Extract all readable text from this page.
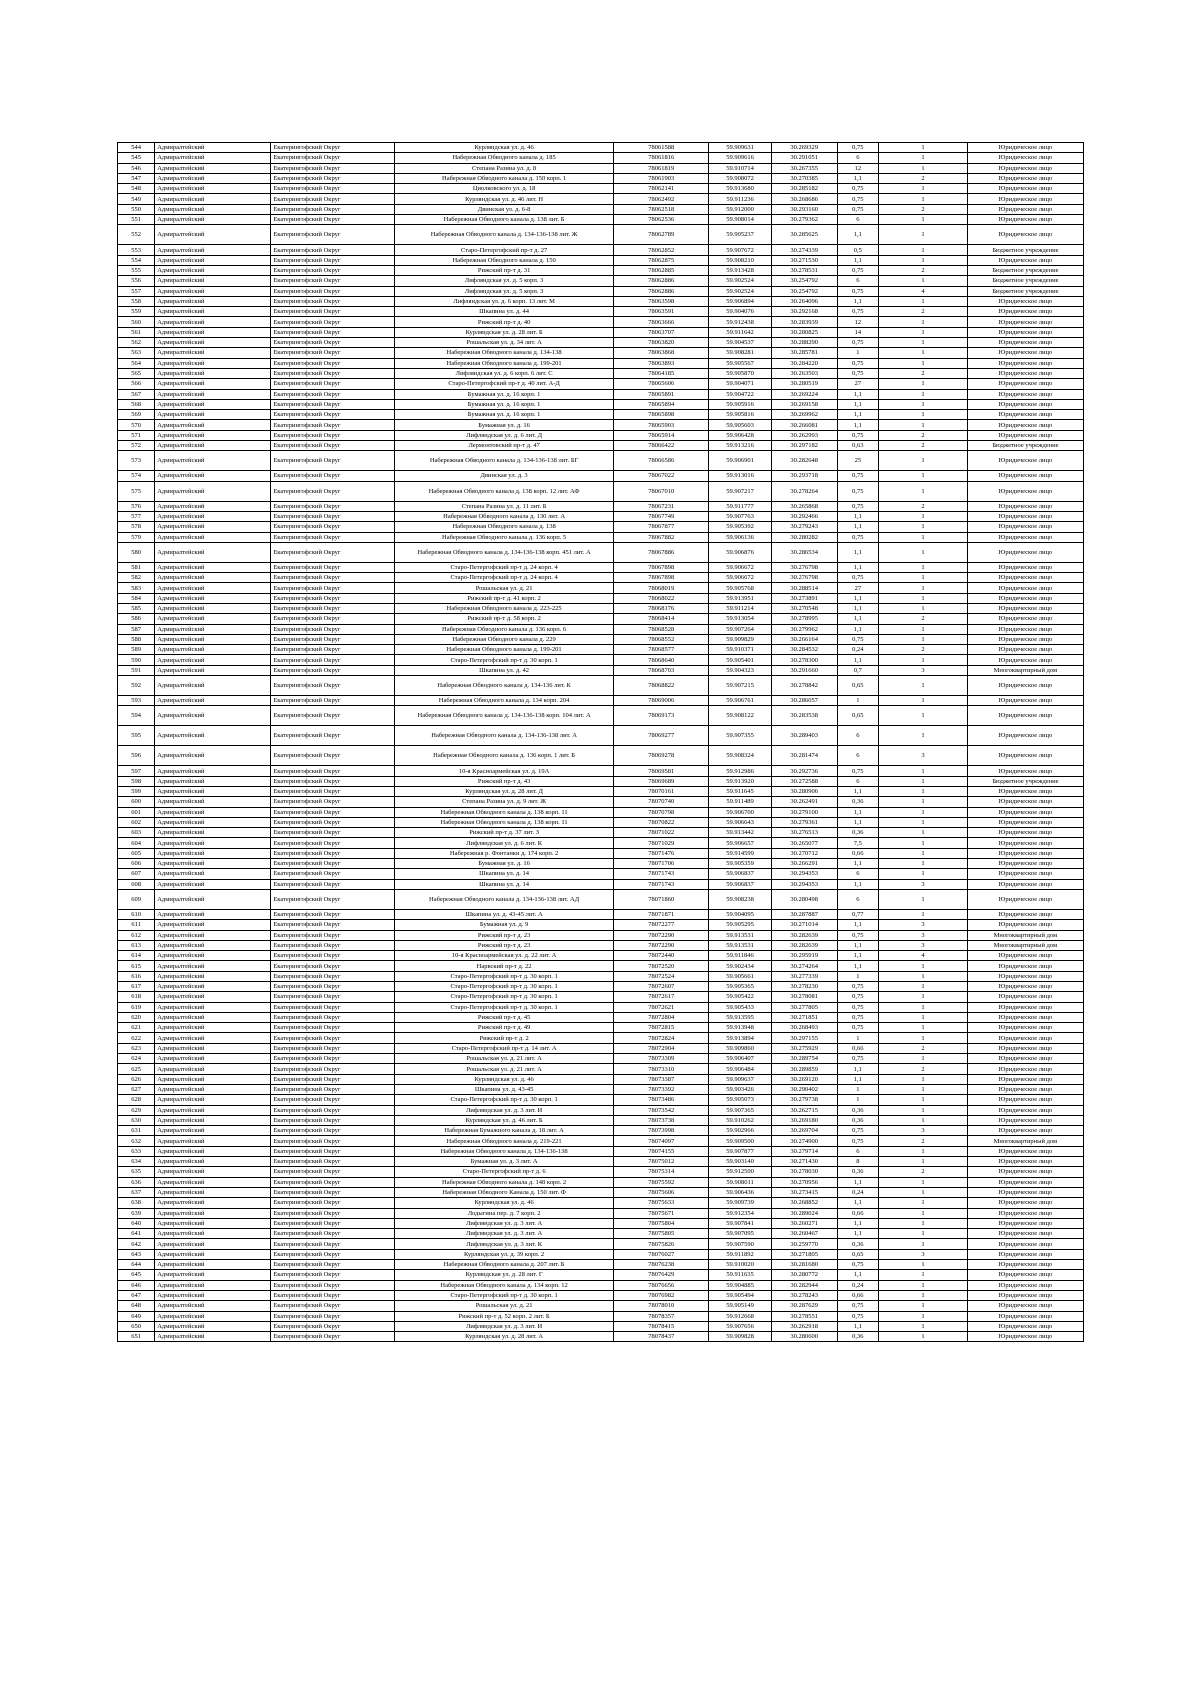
544	Адмиралтейский	Екатерингофский Округ	Курляндская ул. д. 46	78061588	59.909631	30.269329	0,75	1	Юридическое лицо
545	Адмиралтейский	Екатерингофский Округ	Набережная Обводного канала д. 185	78061816	59.909616	30.291051	6	1	Юридическое лицо
546	Адмиралтейский	Екатерингофский Округ	Степана Разина ул. д. 8	78061819	59.910714	30.267355	12	1	Юридическое лицо
547	Адмиралтейский	Екатерингофский Округ	Набережная Обводного канала д. 150 корп. 1	78061903	59.908072	30.270385	1,1	2	Юридическое лицо
548	Адмиралтейский	Екатерингофский Округ	Циолковского ул. д. 18	78062141	59.913680	30.285182	0,75	1	Юридическое лицо
549	Адмиралтейский	Екатерингофский Округ	Курляндская ул. д. 46 лит. Н	78062492	59.911236	30.268686	0,75	1	Юридическое лицо
550	Адмиралтейский	Екатерингофский Округ	Двинская ул. д. 6-8	78062518	59.912000	30.293160	0,75	2	Юридическое лицо
551	Адмиралтейский	Екатерингофский Округ	Набережная Обводного канала д. 138 лит. Б	78062536	59.908014	30.279362	6	1	Юридическое лицо
552	Адмиралтейский	Екатерингофский Округ	Набережная Обводного канала д. 134-136-138 лит. Ж	78062789	59.905237	30.285625	1,1	1	Юридическое лицо
553	Адмиралтейский	Екатерингофский Округ	Старо-Петергофский пр-т д. 27	78062852	59.907672	30.274339	0,5	1	Бюджетное учреждение
554	Адмиралтейский	Екатерингофский Округ	Набережная Обводного канала д. 150	78062875	59.908210	30.271530	1,1	1	Юридическое лицо
555	Адмиралтейский	Екатерингофский Округ	Рижский пр-т д. 31	78062885	59.913428	30.278531	0,75	2	Бюджетное учреждение
556	Адмиралтейский	Екатерингофский Округ	Лифляндская ул. д. 5 корп. 3	78062886	59.902524	30.254792	6	1	Бюджетное учреждение
557	Адмиралтейский	Екатерингофский Округ	Лифляндская ул. д. 5 корп. 3	78062886	59.902524	30.254792	0,75	4	Бюджетное учреждение
558	Адмиралтейский	Екатерингофский Округ	Лифляндская ул. д. 6 корп. 13 лит. М	78063598	59.906894	30.264096	1,1	1	Юридическое лицо
559	Адмиралтейский	Екатерингофский Округ	Шкапина ул. д. 44	78063591	59.904076	30.292168	0,75	2	Юридическое лицо
560	Адмиралтейский	Екатерингофский Округ	Рижский пр-т д. 40	78063666	59.912438	30.283939	12	1	Юридическое лицо
561	Адмиралтейский	Екатерингофский Округ	Курляндская ул. д. 28 лит. Б	78063707	59.911642	30.280825	14	1	Юридическое лицо
562	Адмиралтейский	Екатерингофский Округ	Рошальская ул. д. 34 лит. А	78063820	59.904537	30.288290	0,75	1	Юридическое лицо
563	Адмиралтейский	Екатерингофский Округ	Набережная Обводного канала д. 134-138	78063868	59.908281	30.285781	1	1	Юридическое лицо
564	Адмиралтейский	Екатерингофский Округ	Набережная Обводного канала д. 199-201	78063893	59.905567	30.284220	0,75	1	Юридическое лицо
565	Адмиралтейский	Екатерингофский Округ	Лифляндская ул. д. 6 корп. 6 лит. С	78064185	59.905870	30.263503	0,75	2	Юридическое лицо
566	Адмиралтейский	Екатерингофский Округ	Старо-Петергофский пр-т д. 40 лит. А-Д	78065606	59.904071	30.280519	27	1	Юридическое лицо
567	Адмиралтейский	Екатерингофский Округ	Бумажная ул. д. 16 корп. 1	78065891	59.904722	30.269224	1,1	1	Юридическое лицо
568	Адмиралтейский	Екатерингофский Округ	Бумажная ул. д. 16 корп. 1	78065894	59.905916	30.269158	1,1	1	Юридическое лицо
569	Адмиралтейский	Екатерингофский Округ	Бумажная ул. д. 16 корп. 1	78065898	59.905816	30.269962	1,1	1	Юридическое лицо
570	Адмиралтейский	Екатерингофский Округ	Бумажная ул. д. 16	78065903	59.905603	30.266081	1,1	1	Юридическое лицо
571	Адмиралтейский	Екатерингофский Округ	Лифляндская ул. д. 6 лит. Д	78065914	59.906428	30.262993	0,75	2	Юридическое лицо
572	Адмиралтейский	Екатерингофский Округ	Лермонтовский пр-т д. 47	78066422	59.913216	30.297182	0,63	2	Бюджетное учреждение
573	Адмиралтейский	Екатерингофский Округ	Набережная Обводного канала д. 134-136-138 лит. БГ	78066586	59.906901	30.282648	25	1	Юридическое лицо
574	Адмиралтейский	Екатерингофский Округ	Двинская ул. д. 3	78067022	59.913016	30.293718	0,75	1	Юридическое лицо
575	Адмиралтейский	Екатерингофский Округ	Набережная Обводного канала д. 138 корп. 12 лит. АФ	78067010	59.907217	30.278264	0,75	1	Юридическое лицо
576	Адмиралтейский	Екатерингофский Округ	Степана Разина ул. д. 11 лит. Б	78067231	59.911777	30.265868	0,75	2	Юридическое лицо
577	Адмиралтейский	Екатерингофский Округ	Набережная Обводного канала д. 130 лит. А	78067749	59.907763	30.292466	1,1	1	Юридическое лицо
578	Адмиралтейский	Екатерингофский Округ	Набережная Обводного канала д. 138	78067877	59.905392	30.279243	1,1	1	Юридическое лицо
579	Адмиралтейский	Екатерингофский Округ	Набережная Обводного канала д. 136 корп. 5	78067882	59.906136	30.280282	0,75	1	Юридическое лицо
580	Адмиралтейский	Екатерингофский Округ	Набережная Обводного канала д. 134-136-138 корп. 451 лит. А	78067886	59.906876	30.286534	1,1	1	Юридическое лицо
581	Адмиралтейский	Екатерингофский Округ	Старо-Петергофский пр-т д. 24 корп. 4	78067898	59.906672	30.276798	1,1	1	Юридическое лицо
582	Адмиралтейский	Екатерингофский Округ	Старо-Петергофский пр-т д. 24 корп. 4	78067898	59.906672	30.276798	0,75	1	Юридическое лицо
583	Адмиралтейский	Екатерингофский Округ	Рошальская ул. д. 21	78068019	59.905768	30.288514	27	1	Юридическое лицо
584	Адмиралтейский	Екатерингофский Округ	Рижский пр-т д. 41 корп. 2	78068022	59.913951	30.273891	1,1	1	Юридическое лицо
585	Адмиралтейский	Екатерингофский Округ	Набережная Обводного канала д. 223-225	78068176	59.911214	30.270548	1,1	1	Юридическое лицо
586	Адмиралтейский	Екатерингофский Округ	Рижский пр-т д. 58 корп. 2	78068414	59.913054	30.278995	1,1	2	Юридическое лицо
587	Адмиралтейский	Екатерингофский Округ	Набережная Обводного канала д. 136 корп. 6	78068528	59.907264	30.279962	1,1	1	Юридическое лицо
588	Адмиралтейский	Екатерингофский Округ	Набережная Обводного канала д. 229	78068552	59.909829	30.266164	0,75	1	Юридическое лицо
589	Адмиралтейский	Екатерингофский Округ	Набережная Обводного канала д. 199-201	78068577	59.910371	30.284532	0,24	2	Юридическое лицо
590	Адмиралтейский	Екатерингофский Округ	Старо-Петергофский пр-т д. 30 корп. 1	78068640	59.905401	30.278300	1,1	1	Юридическое лицо
591	Адмиралтейский	Екатерингофский Округ	Шкапина ул. д. 42	78068703	59.904323	30.291660	0,7	3	Многоквартирный дом
592	Адмиралтейский	Екатерингофский Округ	Набережная Обводного канала д. 134-136 лит. К	78068822	59.907215	30.278842	0,65	1	Юридическое лицо
593	Адмиралтейский	Екатерингофский Округ	Набережная Обводного канала д. 134 корп. 204	78069006	59.906761	30.286057	1	1	Юридическое лицо
594	Адмиралтейский	Екатерингофский Округ	Набережная Обводного канала д. 134-136-138 корп. 104 лит. А	78069173	59.908122	30.283538	0,65	1	Юридическое лицо
595	Адмиралтейский	Екатерингофский Округ	Набережная Обводного канала д. 134-136-138 лит. А	78069277	59.907355	30.289403	6	1	Юридическое лицо
596	Адмиралтейский	Екатерингофский Округ	Набережная Обводного канала д. 136 корп. 1 лит. Б	78069278	59.908324	30.281474	6	3	Юридическое лицо
597	Адмиралтейский	Екатерингофский Округ	10-я Красноармейская ул. д. 19А	78069581	59.912986	30.292736	0,75	1	Юридическое лицо
598	Адмиралтейский	Екатерингофский Округ	Рижский пр-т д. 43	78069689	59.913920	30.272588	6	1	Бюджетное учреждение
599	Адмиралтейский	Екатерингофский Округ	Курляндская ул. д. 28 лит. Д	78070161	59.911645	30.280906	1,1	1	Юридическое лицо
600	Адмиралтейский	Екатерингофский Округ	Степана Разина ул. д. 9 лит. Ж	78070740	59.911489	30.262491	0,36	1	Юридическое лицо
601	Адмиралтейский	Екатерингофский Округ	Набережная Обводного канала д. 138 корп. 11	78070798	59.906700	30.279100	1,1	1	Юридическое лицо
602	Адмиралтейский	Екатерингофский Округ	Набережная Обводного канала д. 138 корп. 11	78070822	59.906643	30.279361	1,1	1	Юридическое лицо
603	Адмиралтейский	Екатерингофский Округ	Рижский пр-т д. 37 лит. З	78071022	59.913442	30.276513	0,36	1	Юридическое лицо
604	Адмиралтейский	Екатерингофский Округ	Лифляндская ул. д. 6 лит. К	78071029	59.906657	30.265077	7,5	1	Юридическое лицо
605	Адмиралтейский	Екатерингофский Округ	Набережная р. Фонтанки д. 174 корп. 2	78071476	59.914599	30.270712	0,66	1	Юридическое лицо
606	Адмиралтейский	Екатерингофский Округ	Бумажная ул. д. 16	78071706	59.905359	30.266291	1,1	1	Юридическое лицо
607	Адмиралтейский	Екатерингофский Округ	Шкапина ул. д. 14	78071743	59.906837	30.294353	6	1	Юридическое лицо
608	Адмиралтейский	Екатерингофский Округ	Шкапина ул. д. 14	78071743	59.906837	30.294353	1,1	3	Юридическое лицо
609	Адмиралтейский	Екатерингофский Округ	Набережная Обводного канала д. 134-136-138 лит. АД	78071860	59.908238	30.280498	6	1	Юридическое лицо
610	Адмиралтейский	Екатерингофский Округ	Шкапина ул. д. 43-45 лит. А	78071871	59.904095	30.287887	0,77	1	Юридическое лицо
611	Адмиралтейский	Екатерингофский Округ	Бумажная ул. д. 9	78072277	59.905295	30.271014	1,1	3	Юридическое лицо
612	Адмиралтейский	Екатерингофский Округ	Рижский пр-т д. 23	78072290	59.913531	30.282639	0,75	3	Многоквартирный дом
613	Адмиралтейский	Екатерингофский Округ	Рижский пр-т д. 23	78072290	59.913531	30.282639	1,1	3	Многоквартирный дом
614	Адмиралтейский	Екатерингофский Округ	10-я Красноармейская ул. д. 22 лит. А	78072440	59.911846	30.295919	1,1	4	Юридическое лицо
615	Адмиралтейский	Екатерингофский Округ	Нарвский пр-т д. 22	78072520	59.902434	30.274264	1,1	1	Юридическое лицо
616	Адмиралтейский	Екатерингофский Округ	Старо-Петергофский пр-т д. 30 корп. 1	78072524	59.905661	30.277339	1	1	Юридическое лицо
617	Адмиралтейский	Екатерингофский Округ	Старо-Петергофский пр-т д. 30 корп. 1	78072607	59.905365	30.278230	0,75	1	Юридическое лицо
618	Адмиралтейский	Екатерингофский Округ	Старо-Петергофский пр-т д. 30 корп. 1	78072617	59.905422	30.278081	0,75	1	Юридическое лицо
619	Адмиралтейский	Екатерингофский Округ	Старо-Петергофский пр-т д. 30 корп. 1	78072621	59.905433	30.277805	0,75	1	Юридическое лицо
620	Адмиралтейский	Екатерингофский Округ	Рижский пр-т д. 45	78072804	59.913595	30.271851	0,75	1	Юридическое лицо
621	Адмиралтейский	Екатерингофский Округ	Рижский пр-т д. 49	78072815	59.913948	30.268493	0,75	1	Юридическое лицо
622	Адмиралтейский	Екатерингофский Округ	Рижский пр-т д. 2	78072824	59.913894	30.297155	1	1	Юридическое лицо
623	Адмиралтейский	Екатерингофский Округ	Старо-Петергофский пр-т д. 14 лит. А	78072904	59.909860	30.275929	0,66	2	Юридическое лицо
624	Адмиралтейский	Екатерингофский Округ	Рошальская ул. д. 21 лит. А	78073309	59.906407	30.289754	0,75	1	Юридическое лицо
625	Адмиралтейский	Екатерингофский Округ	Рошальская ул. д. 21 лит. А	78073310	59.906484	30.289859	1,1	2	Юридическое лицо
626	Адмиралтейский	Екатерингофский Округ	Курляндская ул. д. 46	78073387	59.909637	30.269120	1,1	1	Юридическое лицо
627	Адмиралтейский	Екатерингофский Округ	Шкапина ул. д. 43-45	78073392	59.903426	30.290402	1	1	Юридическое лицо
628	Адмиралтейский	Екатерингофский Округ	Старо-Петергофский пр-т д. 30 корп. 1	78073486	59.905073	30.279738	1	1	Юридическое лицо
629	Адмиралтейский	Екатерингофский Округ	Лифляндская ул. д. 3 лит. И	78073542	59.907365	30.262715	0,36	1	Юридическое лицо
630	Адмиралтейский	Екатерингофский Округ	Курляндская ул. д. 46 лит. Б	78073738	59.910262	30.269180	0,36	1	Юридическое лицо
631	Адмиралтейский	Екатерингофский Округ	Набережная Бумажного канала д. 18 лит. А	78073998	59.902966	30.269704	0,75	3	Юридическое лицо
632	Адмиралтейский	Екатерингофский Округ	Набережная Обводного канала д. 219-221	78074097	59.909500	30.274900	0,75	2	Многоквартирный дом
633	Адмиралтейский	Екатерингофский Округ	Набережная Обводного канала д. 134-136-138	78074155	59.907877	30.279714	6	1	Юридическое лицо
634	Адмиралтейский	Екатерингофский Округ	Бумажная ул. д. 3 лит. А	78075012	59.903140	30.271430	8	1	Юридическое лицо
635	Адмиралтейский	Екатерингофский Округ	Старо-Петергофский пр-т д. 6	78075314	59.912500	30.278030	0,36	2	Юридическое лицо
636	Адмиралтейский	Екатерингофский Округ	Набережная Обводного канала д. 148 корп. 2	78075592	59.908011	30.270956	1,1	1	Юридическое лицо
637	Адмиралтейский	Екатерингофский Округ	Набережная Обводного Канала д. 150 лит. Ф	78075606	59.906436	30.273415	0,24	1	Юридическое лицо
638	Адмиралтейский	Екатерингофский Округ	Курляндская ул. д. 46	78075633	59.909739	30.268852	1,1	1	Юридическое лицо
639	Адмиралтейский	Екатерингофский Округ	Лодыгина пер. д. 7 корп. 2	78075671	59.912354	30.289024	0,66	1	Юридическое лицо
640	Адмиралтейский	Екатерингофский Округ	Лифляндская ул. д. 3 лит. А	78075804	59.907841	30.260271	1,1	1	Юридическое лицо
641	Адмиралтейский	Екатерингофский Округ	Лифляндская ул. д. 3 лит. А	78075805	59.907095	30.260467	1,1	1	Юридическое лицо
642	Адмиралтейский	Екатерингофский Округ	Лифляндская ул. д. 3 лит. К	78075826	59.907590	30.259770	0,36	1	Юридическое лицо
643	Адмиралтейский	Екатерингофский Округ	Курляндская ул. д. 39 корп. 2	78076027	59.911892	30.271805	0,65	3	Юридическое лицо
644	Адмиралтейский	Екатерингофский Округ	Набережная Обводного канала д. 207 лит. Б	78076238	59.910020	30.281680	0,75	1	Юридическое лицо
645	Адмиралтейский	Екатерингофский Округ	Курляндская ул. д. 28 лит. Г	78076429	59.911635	30.280772	1,1	1	Юридическое лицо
646	Адмиралтейский	Екатерингофский Округ	Набережная Обводного канала д. 134 корп. 12	78076656	59.904885	30.282944	0,24	1	Юридическое лицо
647	Адмиралтейский	Екатерингофский Округ	Старо-Петергофский пр-т д. 30 корп. 1	78076982	59.905494	30.278243	0,66	1	Юридическое лицо
648	Адмиралтейский	Екатерингофский Округ	Рошальская ул. д. 21	78078010	59.905149	30.287629	0,75	1	Юридическое лицо
649	Адмиралтейский	Екатерингофский Округ	Рижский пр-т д. 52 корп. 2 лит. Б	78078357	59.912668	30.278551	0,75	1	Юридическое лицо
650	Адмиралтейский	Екатерингофский Округ	Лифляндская ул. д. 3 лит. И	78078415	59.907656	30.262918	1,1	1	Юридическое лицо
651	Адмиралтейский	Екатерингофский Округ	Курляндская ул. д. 28 лит. А	78078437	59.909828	30.280600	0,36	1	Юридическое лицо
